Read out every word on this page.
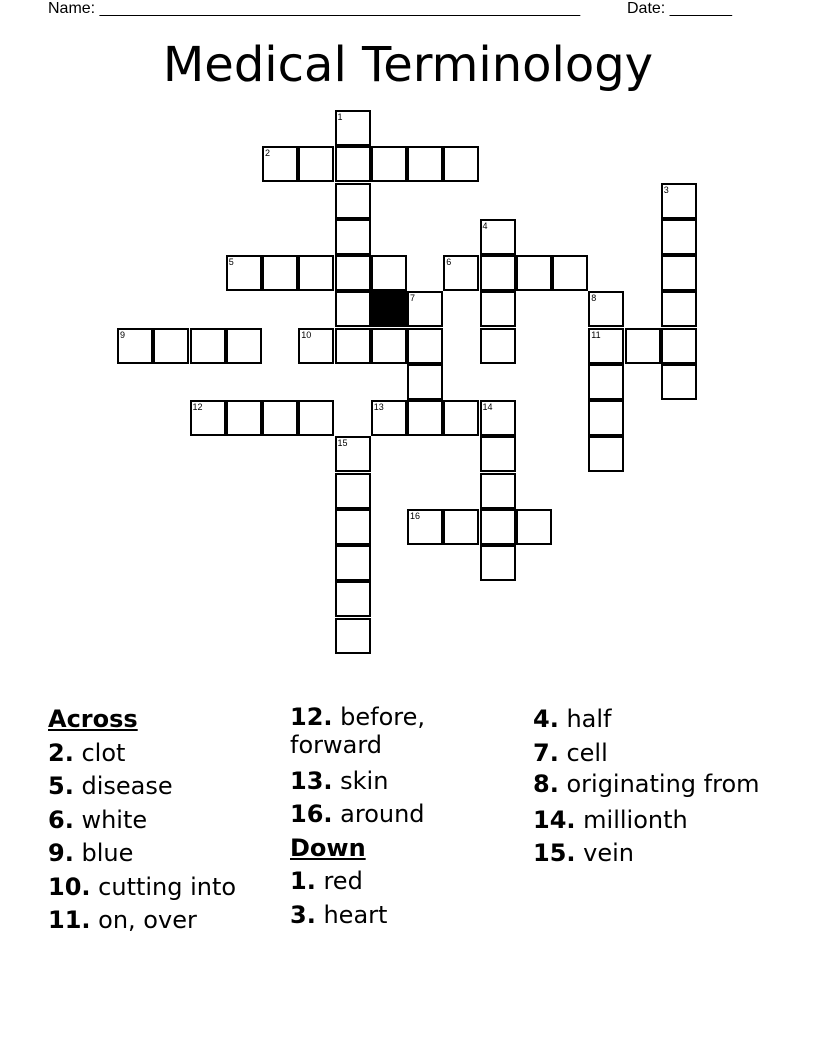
Name: ______________________________________________________	Date: _______
Medical Terminology
1
2
3
4
5	6
7	8
11
9	10
12	13	14
15
16
Across
2. clot
5. disease
6. white
9. blue
10. cutting into
11. on, over
12. before, forward
13. skin
16. around
Down
1. red
3. heart
4. half
7. cell
8. originating from
14. millionth
15. vein
